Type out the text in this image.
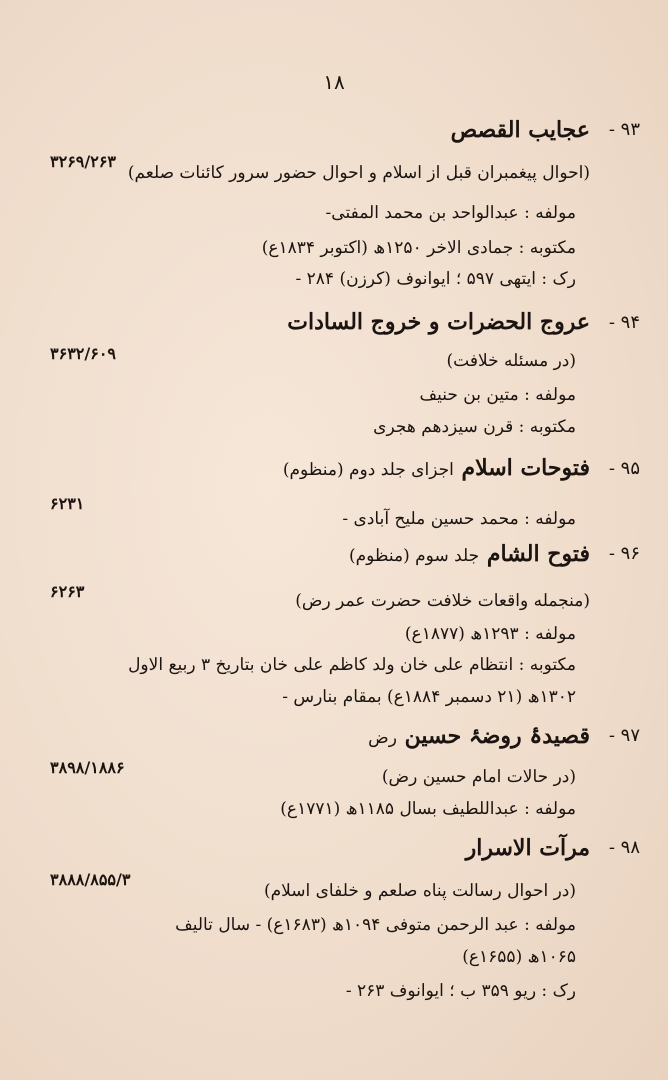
۱۸
۹۳ -
عجایب القصص
۳۲۶۹/۲۶۳
(احوال پیغمبران قبل از اسلام و احوال حضور سرور کائنات صلعم)
مولفه : عبدالواحد بن محمد المفتی-
مکتوبه : جمادی الاخر ۱۲۵۰ھ (اکتوبر ۱۸۳۴ع)
رک : ایتھی ۵۹۷ ؛ ایوانوف (کرزن) ۲۸۴ -
۹۴ -
عروج الحضرات و خروج السادات
۳۶۳۲/۶۰۹	(در مسئله خلافت)
مولفه : متین بن حنیف
مکتوبه : قرن سیزدهم هجری
۹۵ -
فتوحات اسلام اجزای جلد دوم (منظوم)
۶۲۳۱
مولفه : محمد حسین ملیح آبادی -
۹۶ -
فتوح الشام جلد سوم (منظوم)
۶۲۶۳	(منجمله واقعات خلافت حضرت عمر رض)
مولفه : ۱۲۹۳ھ (۱۸۷۷ع)
مکتوبه : انتظام علی خان ولد کاظم علی خان بتاریخ ۳ ربیع الاول
۱۳۰۲ھ (۲۱ دسمبر ۱۸۸۴ع) بمقام بنارس -
۹۷ -
قصیدۂ روضۂ حسین رض
۳۸۹۸/۱۸۸۶	(در حالات امام حسین رض)
مولفه : عبداللطیف بسال ۱۱۸۵ھ (۱۷۷۱ع)
۹۸ -
مرآت الاسرار
۳۸۸۸/۸۵۵/۳
(در احوال رسالت پناه صلعم و خلفای اسلام)
مولفه : عبد الرحمن متوفی ۱۰۹۴ھ (۱۶۸۳ع) - سال تالیف
۱۰۶۵ھ (۱۶۵۵ع)
رک : ریو ۳۵۹ ب ؛ ایوانوف ۲۶۳ -
